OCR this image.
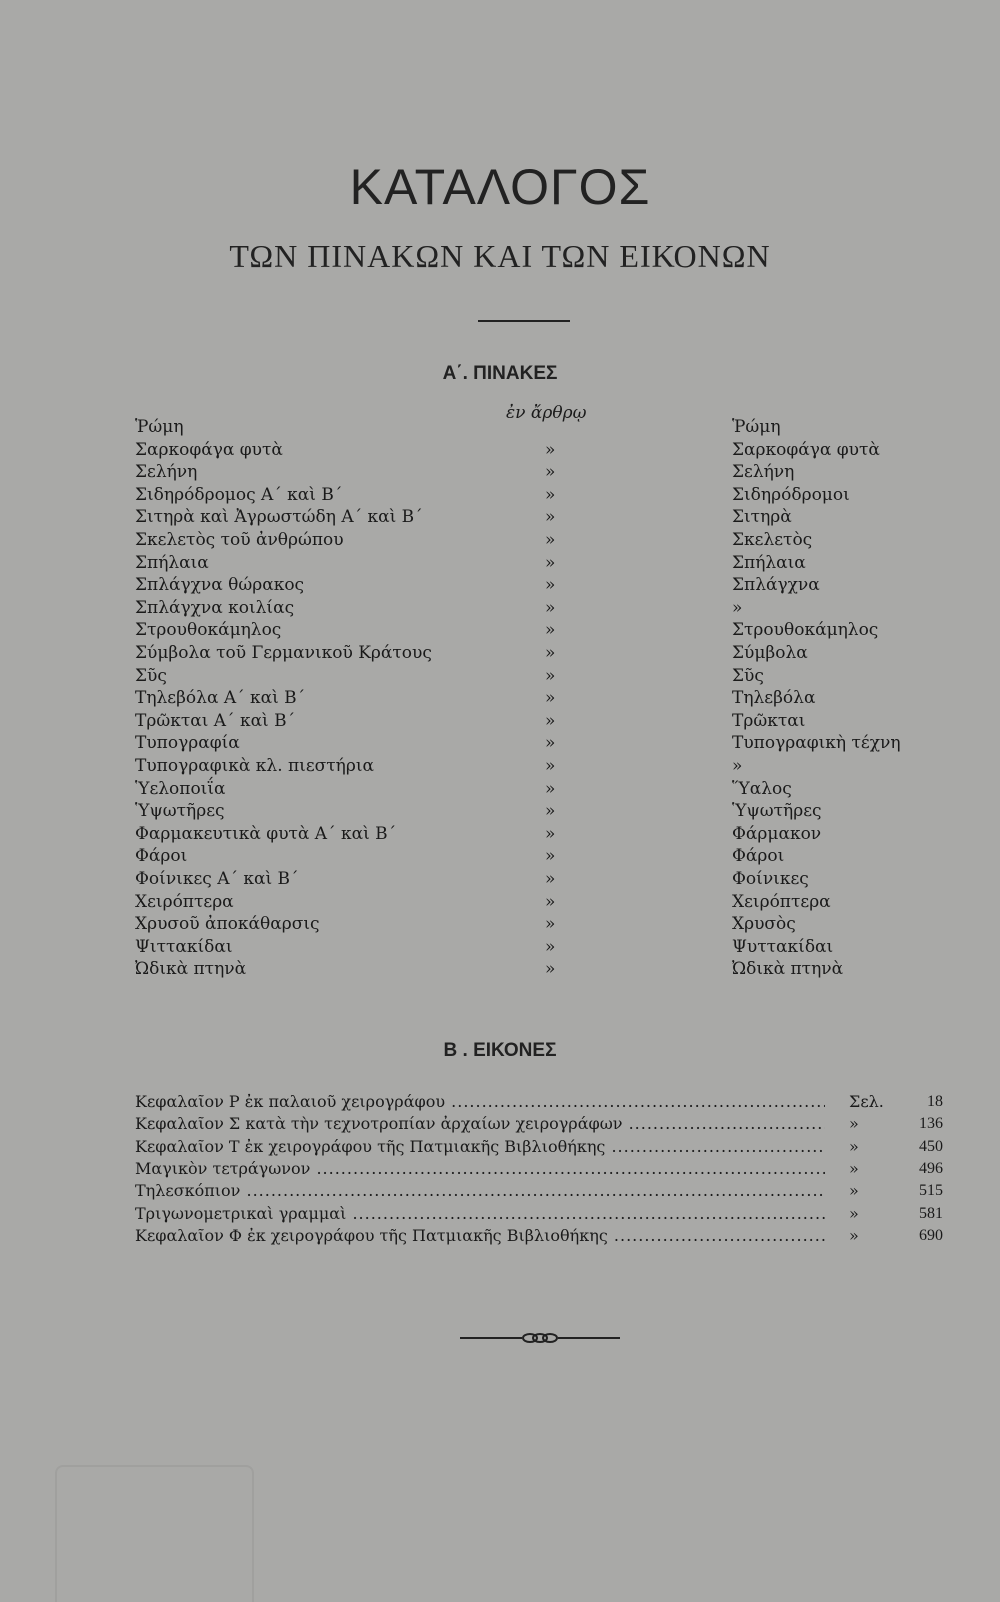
ΚΑΤΑΛΟΓΟΣ
ΤΩΝ ΠΙΝΑΚΩΝ ΚΑΙ ΤΩΝ ΕΙΚΟΝΩΝ
Α΄. ΠΙΝΑΚΕΣ
ἐν ἄρθρῳ
Ῥώμη	Ῥώμη
Σαρκοφάγα φυτὰ	»	Σαρκοφάγα φυτὰ
Σελήνη	»	Σελήνη
Σιδηρόδρομος Α΄ καὶ Β΄	»	Σιδηρόδρομοι
Σιτηρὰ καὶ Ἀγρωστώδη Α΄ καὶ Β΄	»	Σιτηρὰ
Σκελετὸς τοῦ ἀνθρώπου	»	Σκελετὸς
Σπήλαια	»	Σπήλαια
Σπλάγχνα θώρακος	»	Σπλάγχνα
Σπλάγχνα κοιλίας	»	»
Στρουθοκάμηλος	»	Στρουθοκάμηλος
Σύμβολα τοῦ Γερμανικοῦ Κράτους	»	Σύμβολα
Σῦς	»	Σῦς
Τηλεβόλα Α΄ καὶ Β΄	»	Τηλεβόλα
Τρῶκται Α΄ καὶ Β΄	»	Τρῶκται
Τυπογραφία	»	Τυπογραφικὴ τέχνη
Τυπογραφικὰ κλ. πιεστήρια	»	»
Ὑελοποιΐα	»	Ὕαλος
Ὑψωτῆρες	»	Ὑψωτῆρες
Φαρμακευτικὰ φυτὰ Α΄ καὶ Β΄	»	Φάρμακον
Φάροι	»	Φάροι
Φοίνικες Α΄ καὶ Β΄	»	Φοίνικες
Χειρόπτερα	»	Χειρόπτερα
Χρυσοῦ ἀποκάθαρσις	»	Χρυσὸς
Ψιττακίδαι	»	Ψυττακίδαι
Ὠδικὰ πτηνὰ	»	Ὠδικὰ πτηνὰ
Β . ΕΙΚΟΝΕΣ
Κεφαλαῖον Ρ ἐκ παλαιοῦ χειρογράφου .....	Σελ.	18
Κεφαλαῖον Σ κατὰ τὴν τεχνοτροπίαν ἀρχαίων χειρογράφων .....	»	136
Κεφαλαῖον Τ ἐκ χειρογράφου τῆς Πατμιακῆς Βιβλιοθήκης .....	»	450
Μαγικὸν τετράγωνον .....	»	496
Τηλεσκόπιον .....	»	515
Τριγωνομετρικαὶ γραμμαὶ .....	»	581
Κεφαλαῖον Φ ἐκ χειρογράφου τῆς Πατμιακῆς Βιβλιοθήκης .....	»	690
